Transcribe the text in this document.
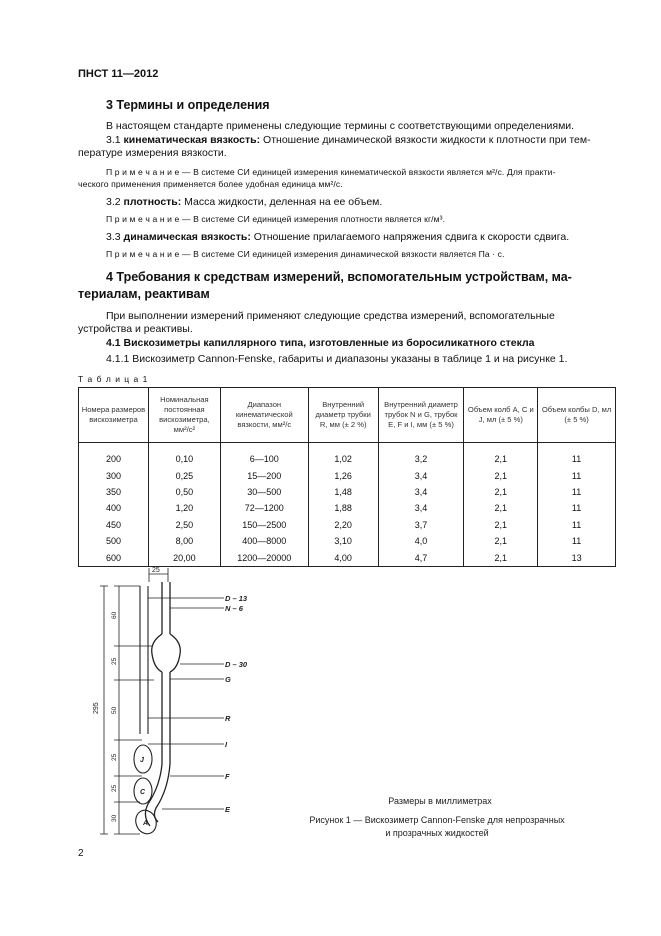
ПНСТ 11—2012
3 Термины и определения
В настоящем стандарте применены следующие термины с соответствующими определениями.
3.1 кинематическая вязкость: Отношение динамической вязкости жидкости к плотности при тем-
пературе измерения вязкости.
П р и м е ч а н и е — В системе СИ единицей измерения кинематической вязкости является м²/с. Для практи-
ческого применения применяется более удобная единица мм²/с.
3.2 плотность: Масса жидкости, деленная на ее объем.
П р и м е ч а н и е — В системе СИ единицей измерения плотности является кг/м³.
3.3 динамическая вязкость: Отношение прилагаемого напряжения сдвига к скорости сдвига.
П р и м е ч а н и е — В системе СИ единицей измерения динамической вязкости является Па · с.
4 Требования к средствам измерений, вспомогательным устройствам, ма-
териалам, реактивам
При выполнении измерений применяют следующие средства измерений, вспомогательные
устройства и реактивы.
4.1 Вискозиметры капиллярного типа, изготовленные из боросиликатного стекла
4.1.1 Вискозиметр Cannon-Fenske, габариты и диапазоны указаны в таблице 1 и на рисунке 1.
Т а б л и ц а 1
Номера размеров вискозиметра	Номинальная постоянная вискозиметра, мм²/с²	Диапазон кинематической вязкости, мм²/с	Внутренний диаметр трубки R, мм (± 2 %)	Внутренний диаметр трубок N и G, трубок E, F и I, мм (± 5 %)	Объем колб A, C и J, мл (± 5 %)	Объем колбы D, мл (± 5 %)

200	0,10	6—100	1,02	3,2	2,1	11
300	0,25	15—200	1,26	3,4	2,1	11
350	0,50	30—500	1,48	3,4	2,1	11
400	1,20	72—1200	1,88	3,4	2,1	11
450	2,50	150—2500	2,20	3,7	2,1	11
500	8,00	400—8000	3,10	4,0	2,1	11
600	20,00	1200—20000	4,00	4,7	2,1	13
25
295
60
25
50
25
25
30
D – 13
N – 6
D – 30
G
R
I
F
E
J
C
A
Размеры в миллиметрах
Рисунок 1 — Вискозиметр Cannon-Fenske для непрозрачных
и прозрачных жидкостей
2
